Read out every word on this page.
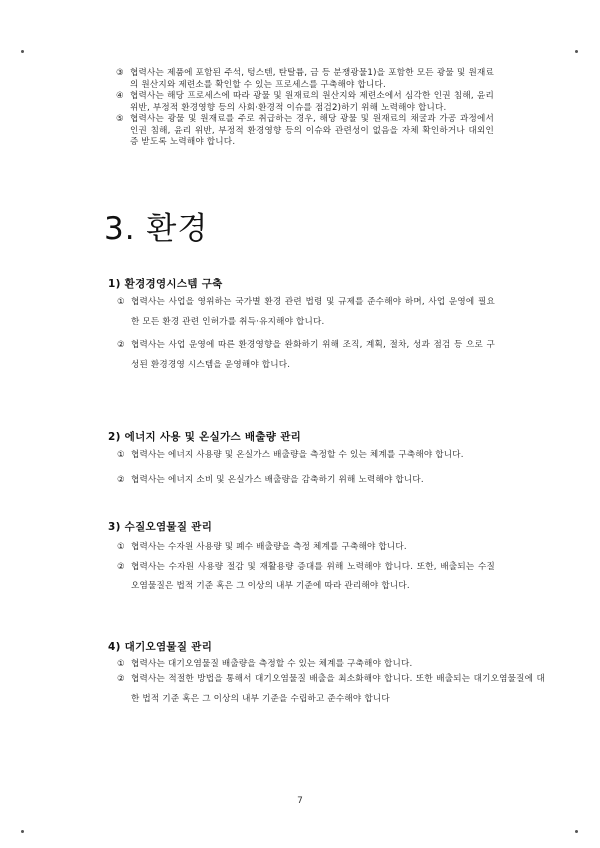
③ 협력사는 제품에 포함된 주석, 텅스텐, 탄탈륨, 금 등 분쟁광물1)을 포함한 모든 광물 및 원재료의 원산지와 제련소를 확인할 수 있는 프로세스를 구축해야 합니다.
④ 협력사는 해당 프로세스에 따라 광물 및 원재료의 원산지와 제련소에서 심각한 인권 침해, 윤리 위반, 부정적 환경영향 등의 사회·환경적 이슈를 점검2)하기 위해 노력해야 합니다.
⑤ 협력사는 광물 및 원재료를 주로 취급하는 경우, 해당 광물 및 원재료의 채굴과 가공 과정에서 인권 침해, 윤리 위반, 부정적 환경영향 등의 이슈와 관련성이 없음을 자체 확인하거나 대외인증 받도록 노력해야 합니다.
3. 환경
1) 환경경영시스템 구축
① 협력사는 사업을 영위하는 국가별 환경 관련 법령 및 규제를 준수해야 하며, 사업 운영에 필요한 모든 환경 관련 인허가를 취득·유지해야 합니다.
② 협력사는 사업 운영에 따른 환경영향을 완화하기 위해 조직, 계획, 절차, 성과 점검 등 으로 구성된 환경경영 시스템을 운영해야 합니다.
2) 에너지 사용 및 온실가스 배출량 관리
① 협력사는 에너지 사용량 및 온실가스 배출량을 측정할 수 있는 체계를 구축해야 합니다.
② 협력사는 에너지 소비 및 온실가스 배출량을 감축하기 위해 노력해야 합니다.
3) 수질오염물질 관리
① 협력사는 수자원 사용량 및 폐수 배출량을 측정 체계를 구축해야 합니다.
② 협력사는 수자원 사용량 절감 및 재활용량 증대를 위해 노력해야 합니다. 또한, 배출되는 수질오염물질은 법적 기준 혹은 그 이상의 내부 기준에 따라 관리해야 합니다.
4) 대기오염물질 관리
① 협력사는 대기오염물질 배출량을 측정할 수 있는 체계를 구축해야 합니다.
② 협력사는 적절한 방법을 통해서 대기오염물질 배출을 최소화해야 합니다. 또한 배출되는 대기오염물질에 대한 법적 기준 혹은 그 이상의 내부 기준을 수립하고 준수해야 합니다
7
